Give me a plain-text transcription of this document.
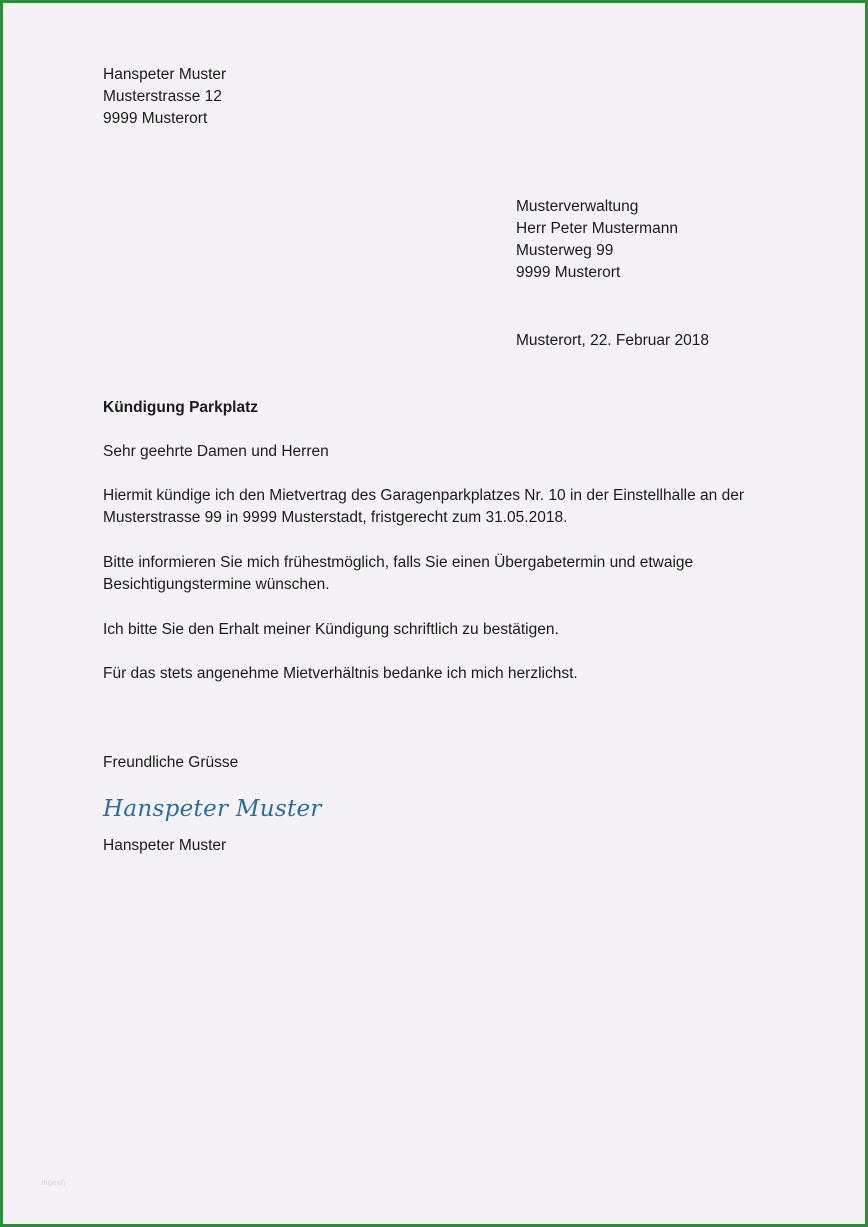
Hanspeter Muster
Musterstrasse 12
9999 Musterort
Musterverwaltung
Herr Peter Mustermann
Musterweg 99
9999 Musterort
Musterort, 22. Februar 2018
Kündigung Parkplatz
Sehr geehrte Damen und Herren
Hiermit kündige ich den Mietvertrag des Garagenparkplatzes Nr. 10 in der Einstellhalle an der
Musterstrasse 99 in 9999 Musterstadt, fristgerecht zum 31.05.2018.
Bitte informieren Sie mich frühestmöglich, falls Sie einen Übergabetermin und etwaige
Besichtigungstermine wünschen.
Ich bitte Sie den Erhalt meiner Kündigung schriftlich zu bestätigen.
Für das stets angenehme Mietverhältnis bedanke ich mich herzlichst.
Freundliche Grüsse
Hanspeter Muster
Hanspeter Muster
mgeah
